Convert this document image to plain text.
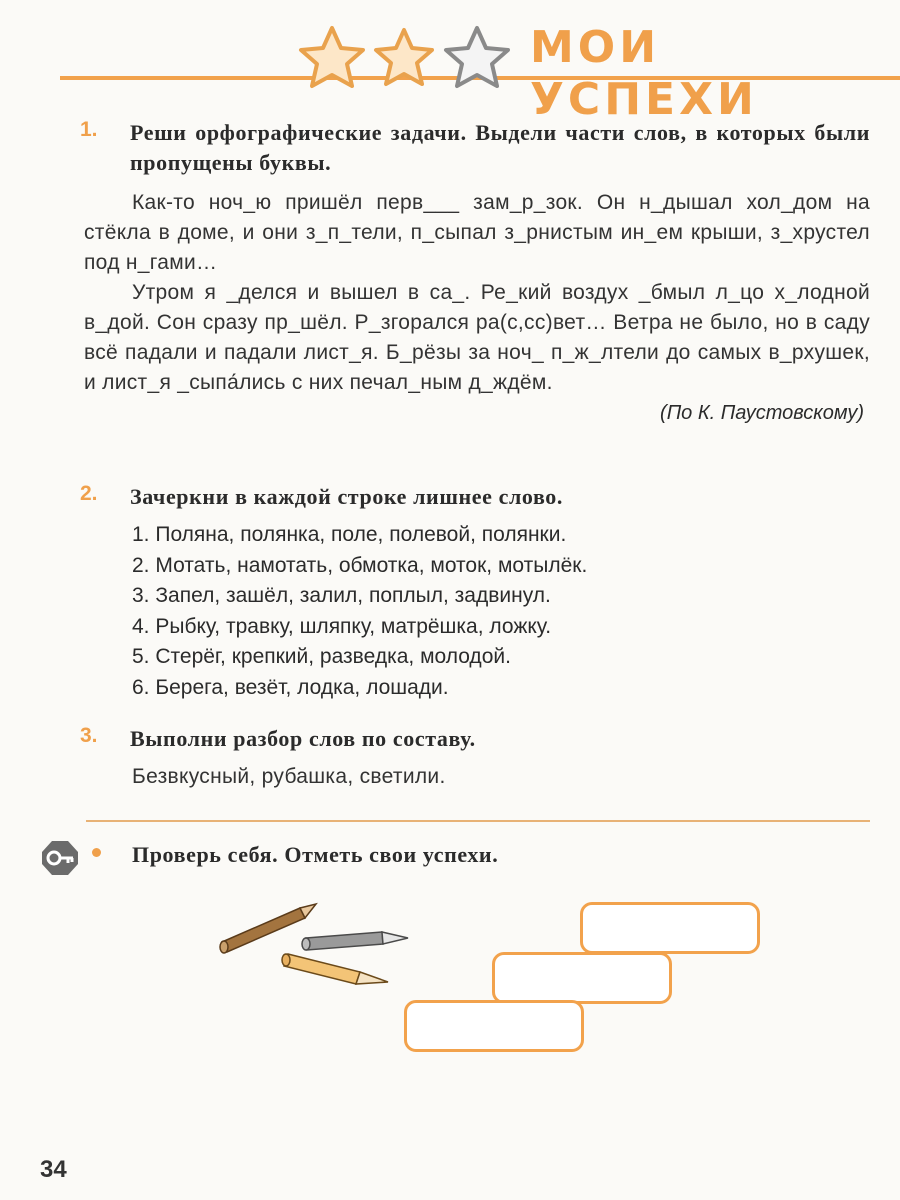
МОИ УСПЕХИ
1. Реши орфографические задачи. Выдели части слов, в которых были пропущены буквы.
Как-то ноч_ю пришёл перв___ зам_р_зок. Он н_дышал хол_дом на стёкла в доме, и они з_п_тели, п_сыпал з_рнистым ин_ем крыши, з_хрустел под н_гами…
Утром я _делся и вышел в са_. Ре_кий воздух _бмыл л_цо х_лодной в_дой. Сон сразу пр_шёл. Р_згорался ра(с,сс)вет… Ветра не было, но в саду всё падали и падали лист_я. Б_рёзы за ноч_ п_ж_лтели до самых в_рхушек, и лист_я _сыпа́лись с них печал_ным д_ждём.
(По К. Паустовскому)
2. Зачеркни в каждой строке лишнее слово.
1. Поляна, полянка, поле, полевой, полянки.
2. Мотать, намотать, обмотка, моток, мотылёк.
3. Запел, зашёл, залил, поплыл, задвинул.
4. Рыбку, травку, шляпку, матрёшка, ложку.
5. Стерёг, крепкий, разведка, молодой.
6. Берега, везёт, лодка, лошади.
3. Выполни разбор слов по составу.
Безвкусный, рубашка, светили.
Проверь себя. Отметь свои успехи.
34
